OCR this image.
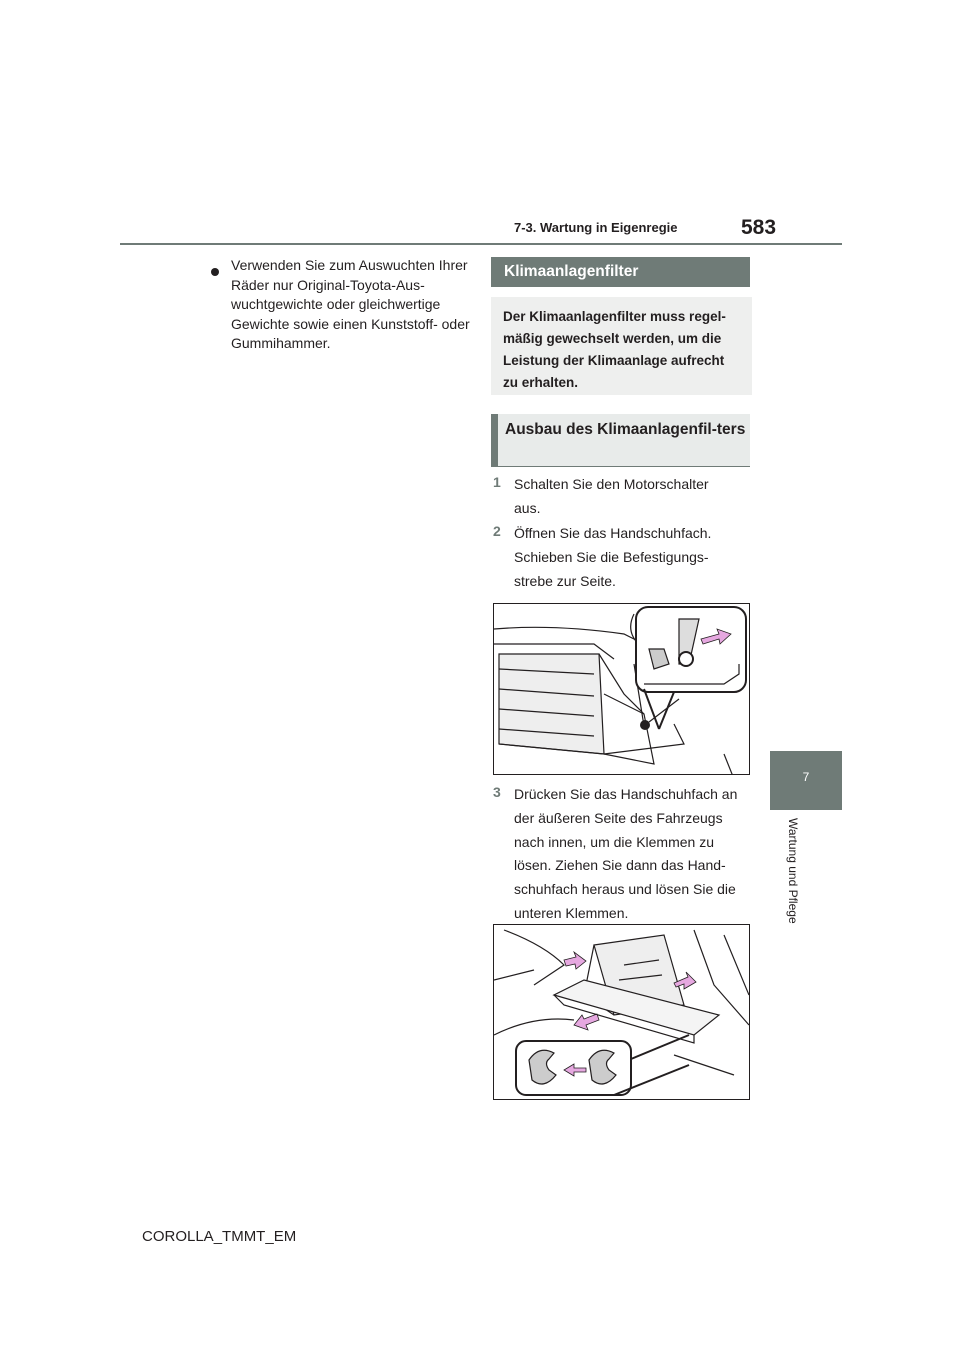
7-3. Wartung in Eigenregie	583
7
Wartung und Pflege
Verwenden Sie zum Auswuchten Ihrer Räder nur Original-Toyota-Aus-wuchtgewichte oder gleichwertige Gewichte sowie einen Kunststoff- oder Gummihammer.
Klimaanlagenfilter
Der Klimaanlagenfilter muss regel-mäßig gewechselt werden, um die Leistung der Klimaanlage aufrecht zu erhalten.
Ausbau des Klimaanlagenfil-ters
1 Schalten Sie den Motorschalter aus.
2 Öffnen Sie das Handschuhfach. Schieben Sie die Befestigungs-strebe zur Seite.
3 Drücken Sie das Handschuhfach an der äußeren Seite des Fahrzeugs nach innen, um die Klemmen zu lösen. Ziehen Sie dann das Hand-schuhfach heraus und lösen Sie die unteren Klemmen.
COROLLA_TMMT_EM
